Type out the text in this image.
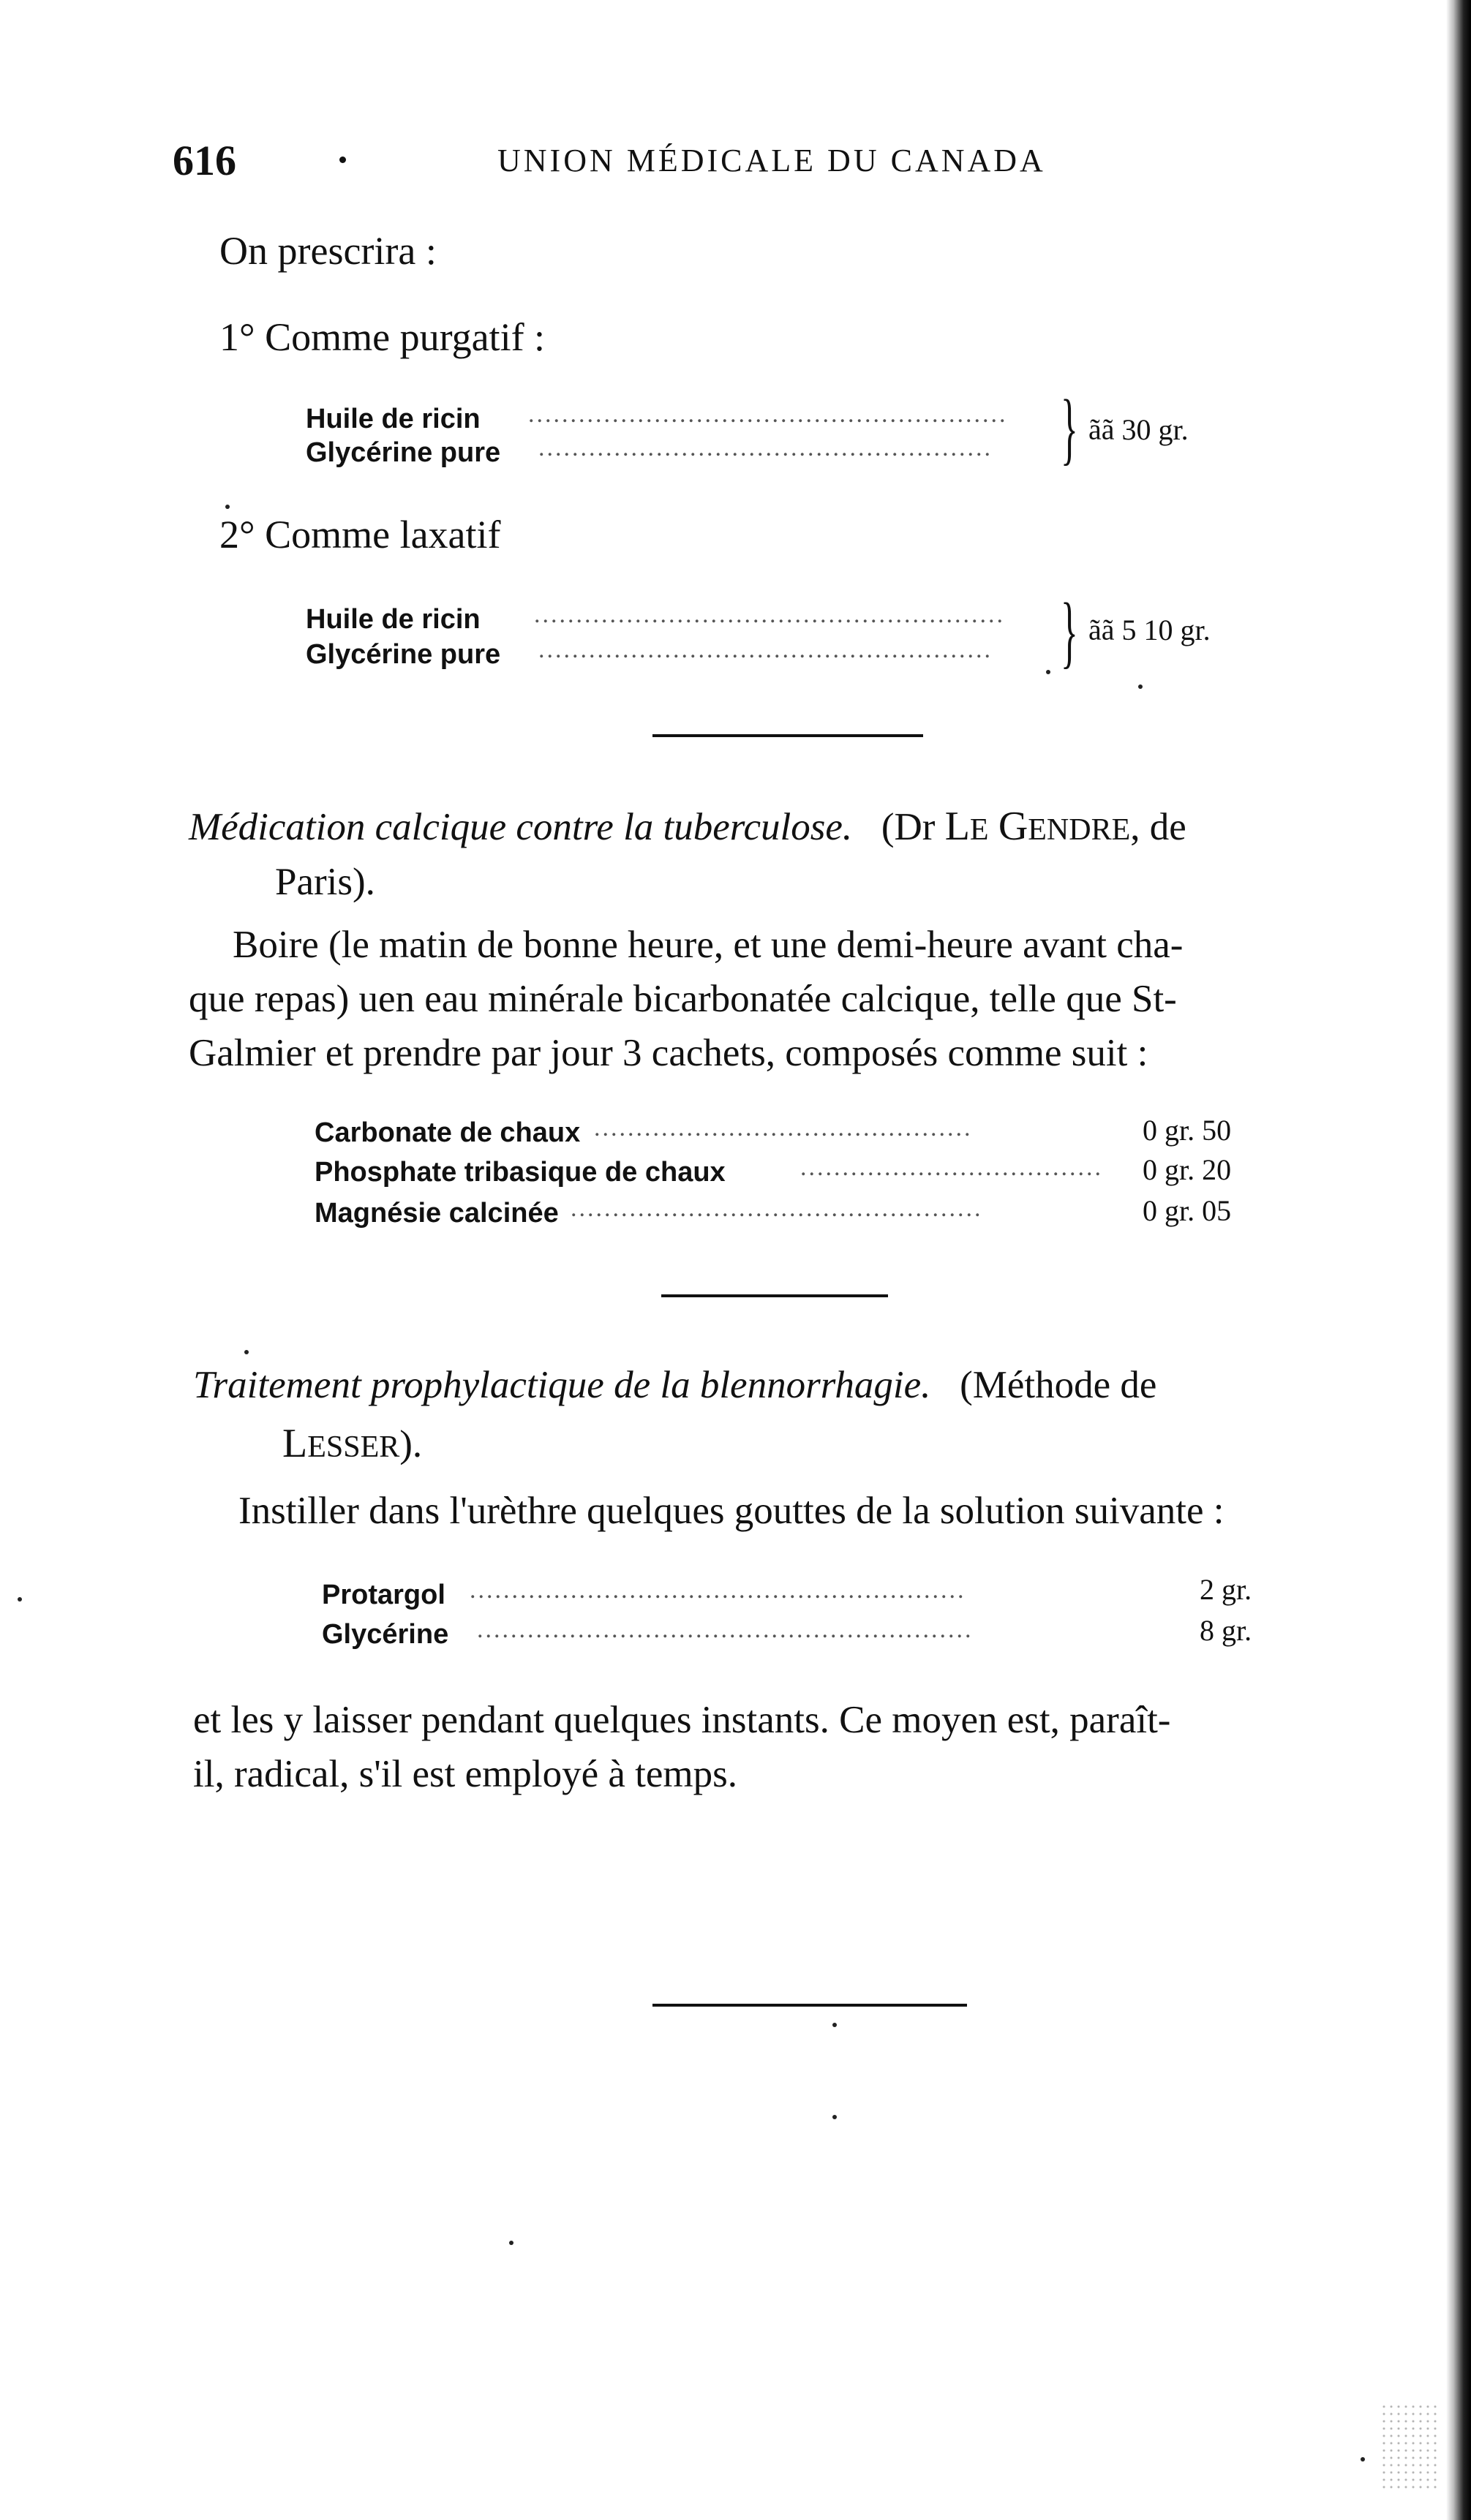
616	UNION MÉDICALE DU CANADA
On prescrira :
1° Comme purgatif :
Huile de ricin .........................................................
Glycérine pure ...................................................... } ãã 30 gr.
2° Comme laxatif
Huile de ricin ........................................................
Glycérine pure ...................................................... } ãã 5 10 gr.
Médication calcique contre la tuberculose. (Dr LE GENDRE, de
Paris).
Boire (le matin de bonne heure, et une demi-heure avant cha-
que repas) uen eau minérale bicarbonatée calcique, telle que St-
Galmier et prendre par jour 3 cachets, composés comme suit :
Carbonate de chaux .............................................	0 gr. 50
Phosphate tribasique de chaux	.................................... 0 gr. 20
Magnésie calcinée .................................................	0 gr. 05
Traitement prophylactique de la blennorrhagie. (Méthode de
LESSER).
Instiller dans l'urèthre quelques gouttes de la solution suivante :
Protargol ...........................................................	2 gr.
Glycérine ...........................................................	8 gr.
et les y laisser pendant quelques instants. Ce moyen est, paraît-
il, radical, s'il est employé à temps.
